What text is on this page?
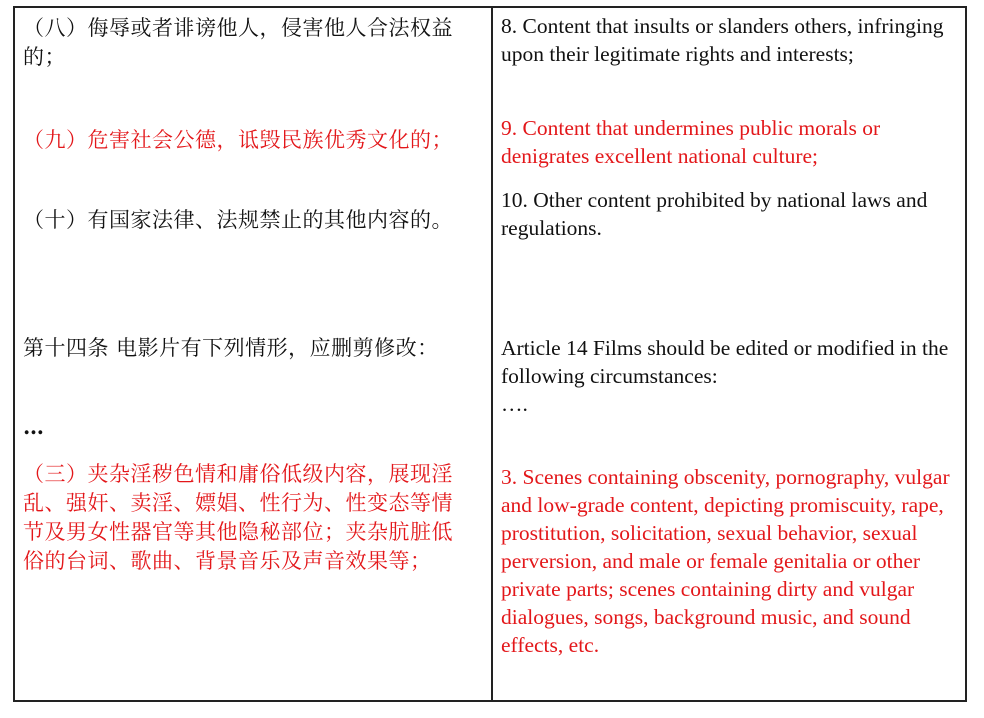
（八）侮辱或者诽谤他人，侵害他人合法权益的；

8. Content that insults or slanders others, infringing upon their legitimate rights and interests;

（九）危害社会公德，诋毁民族优秀文化的；	9. Content that undermines public morals or denigrates excellent national culture;

（十）有国家法律、法规禁止的其他内容的。

10. Other content prohibited by national laws and regulations.

第十四条 电影片有下列情形，应删剪修改：	Article 14 Films should be edited or modified in the following circumstances:

…

….

（三）夹杂淫秽色情和庸俗低级内容，展现淫乱、强奸、卖淫、嫖娼、性行为、性变态等情节及男女性器官等其他隐秘部位；夹杂肮脏低俗的台词、歌曲、背景音乐及声音效果等；

3. Scenes containing obscenity, pornography, vulgar and low-grade content, depicting promiscuity, rape, prostitution, solicitation, sexual behavior, sexual perversion, and male or female genitalia or other private parts; scenes containing dirty and vulgar dialogues, songs, background music, and sound effects, etc.
